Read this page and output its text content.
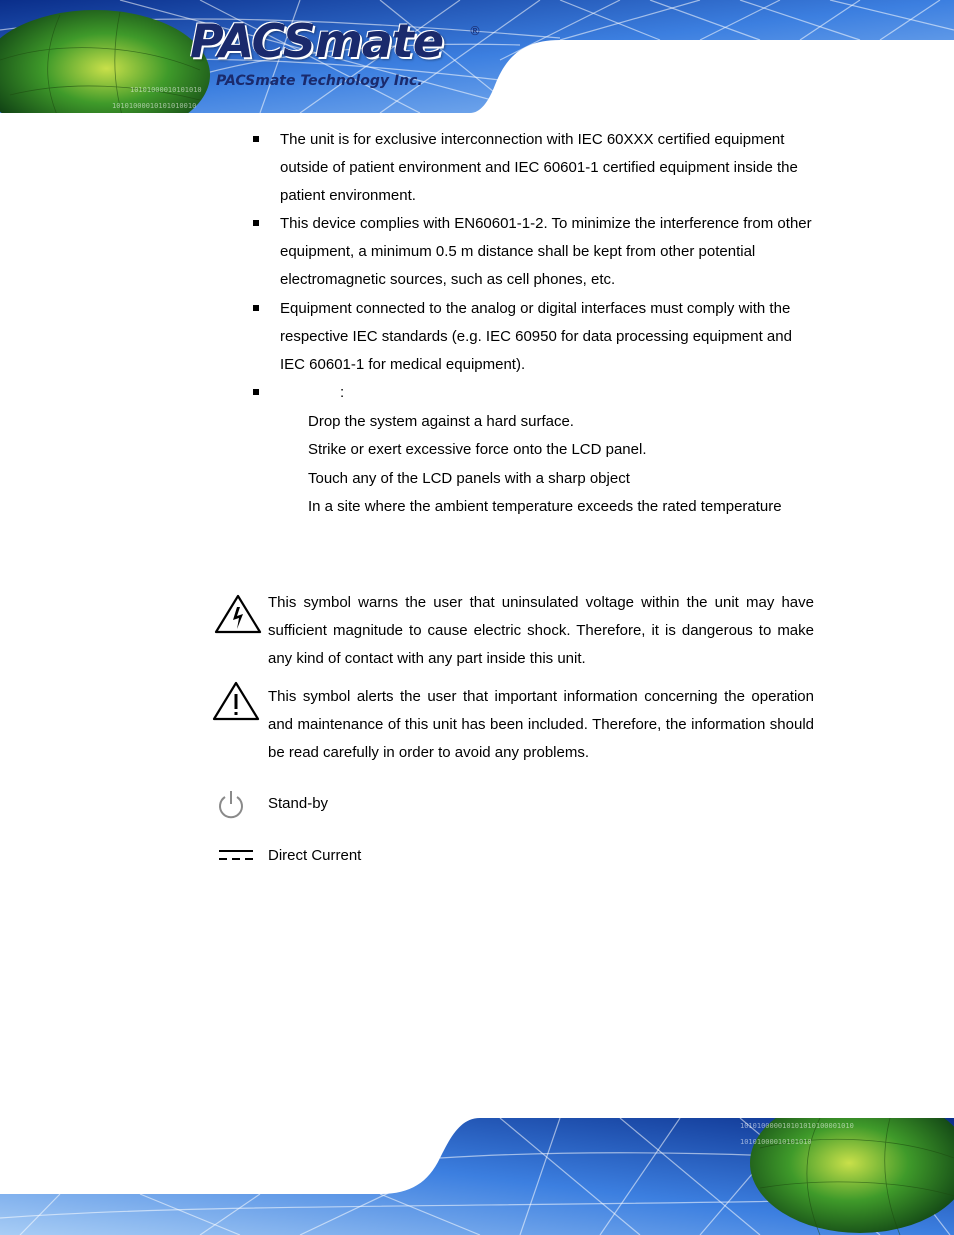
10101000010101010
10101000010101010010
PACSmate ®
PACSmate Technology Inc.
The unit is for exclusive interconnection with IEC 60XXX certified equipment outside of patient environment and IEC 60601-1 certified equipment inside the patient environment.
This device complies with EN60601-1-2. To minimize the interference from other equipment, a minimum 0.5 m distance shall be kept from other potential electromagnetic sources, such as cell phones, etc.
Equipment connected to the analog or digital interfaces must comply with the respective IEC standards (e.g. IEC 60950 for data processing equipment and IEC 60601-1 for medical equipment).
:
Drop the system against a hard surface.
Strike or exert excessive force onto the LCD panel.
Touch any of the LCD panels with a sharp object
In a site where the ambient temperature exceeds the rated temperature
This symbol warns the user that uninsulated voltage within the unit may have sufficient magnitude to cause electric shock. Therefore, it is dangerous to make any kind of contact with any part inside this unit.
This symbol alerts the user that important information concerning the operation and maintenance of this unit has been included. Therefore, the information should be read carefully in order to avoid any problems.
Stand-by
Direct Current
101010000010101010100001010
10101000010101010
